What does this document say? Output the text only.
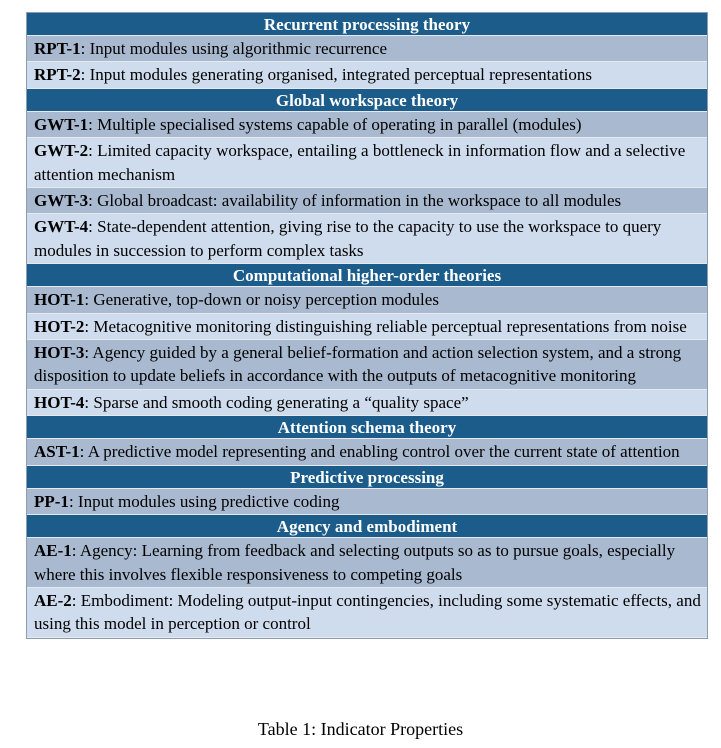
Recurrent processing theory
RPT-1: Input modules using algorithmic recurrence
RPT-2: Input modules generating organised, integrated perceptual representations
Global workspace theory
GWT-1: Multiple specialised systems capable of operating in parallel (modules)
GWT-2: Limited capacity workspace, entailing a bottleneck in information flow and a selective attention mechanism
GWT-3: Global broadcast: availability of information in the workspace to all modules
GWT-4: State-dependent attention, giving rise to the capacity to use the workspace to query modules in succession to perform complex tasks
Computational higher-order theories
HOT-1: Generative, top-down or noisy perception modules
HOT-2: Metacognitive monitoring distinguishing reliable perceptual representations from noise
HOT-3: Agency guided by a general belief-formation and action selection system, and a strong disposition to update beliefs in accordance with the outputs of metacognitive monitoring
HOT-4: Sparse and smooth coding generating a “quality space”
Attention schema theory
AST-1: A predictive model representing and enabling control over the current state of attention
Predictive processing
PP-1: Input modules using predictive coding
Agency and embodiment
AE-1: Agency: Learning from feedback and selecting outputs so as to pursue goals, especially where this involves flexible responsiveness to competing goals
AE-2: Embodiment: Modeling output-input contingencies, including some systematic effects, and using this model in perception or control
Table 1: Indicator Properties
